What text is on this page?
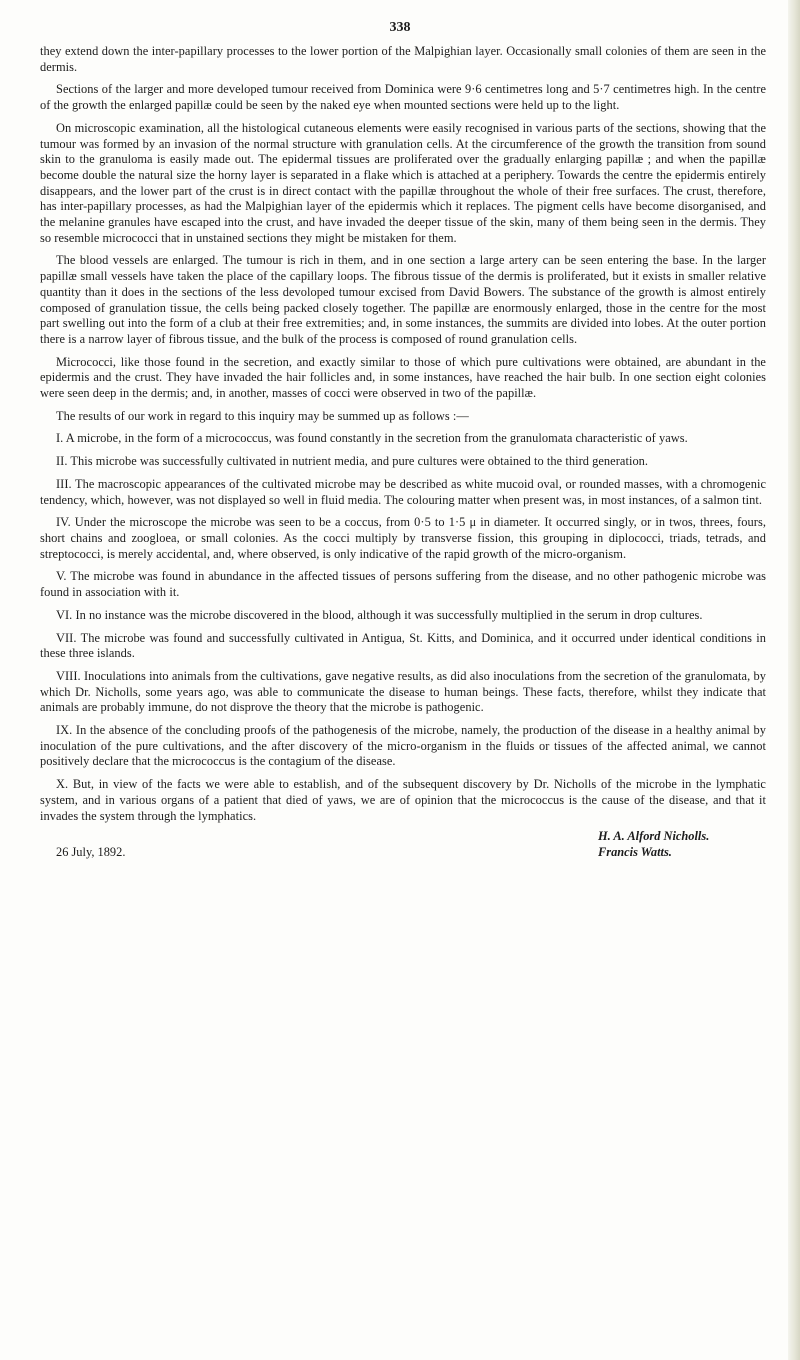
338

they extend down the inter-papillary processes to the lower portion of the Malpighian layer. Occasionally small colonies of them are seen in the dermis.

Sections of the larger and more developed tumour received from Dominica were 9·6 centimetres long and 5·7 centimetres high. In the centre of the growth the enlarged papillæ could be seen by the naked eye when mounted sections were held up to the light.

On microscopic examination, all the histological cutaneous elements were easily recognised in various parts of the sections, showing that the tumour was formed by an invasion of the normal structure with granulation cells. At the circumference of the growth the transition from sound skin to the granuloma is easily made out. The epidermal tissues are proliferated over the gradually enlarging papillæ ; and when the papillæ become double the natural size the horny layer is separated in a flake which is attached at a periphery. Towards the centre the epidermis entirely disappears, and the lower part of the crust is in direct contact with the papillæ throughout the whole of their free surfaces. The crust, therefore, has inter-papillary processes, as had the Malpighian layer of the epidermis which it replaces. The pigment cells have become disorganised, and the melanine granules have escaped into the crust, and have invaded the deeper tissue of the skin, many of them being seen in the dermis. They so resemble micrococci that in unstained sections they might be mistaken for them.

The blood vessels are enlarged. The tumour is rich in them, and in one section a large artery can be seen entering the base. In the larger papillæ small vessels have taken the place of the capillary loops. The fibrous tissue of the dermis is proliferated, but it exists in smaller relative quantity than it does in the sections of the less devoloped tumour excised from David Bowers. The substance of the growth is almost entirely composed of granulation tissue, the cells being packed closely together. The papillæ are enormously enlarged, those in the centre for the most part swelling out into the form of a club at their free extremities; and, in some instances, the summits are divided into lobes. At the outer portion there is a narrow layer of fibrous tissue, and the bulk of the process is composed of round granulation cells.

Micrococci, like those found in the secretion, and exactly similar to those of which pure cultivations were obtained, are abundant in the epidermis and the crust. They have invaded the hair follicles and, in some instances, have reached the hair bulb. In one section eight colonies were seen deep in the dermis; and, in another, masses of cocci were observed in two of the papillæ.

The results of our work in regard to this inquiry may be summed up as follows :—

I. A microbe, in the form of a micrococcus, was found constantly in the secretion from the granulomata characteristic of yaws.

II. This microbe was successfully cultivated in nutrient media, and pure cultures were obtained to the third generation.

III. The macroscopic appearances of the cultivated microbe may be described as white mucoid oval, or rounded masses, with a chromogenic tendency, which, however, was not displayed so well in fluid media. The colouring matter when present was, in most instances, of a salmon tint.

IV. Under the microscope the microbe was seen to be a coccus, from 0·5 to 1·5 μ in diameter. It occurred singly, or in twos, threes, fours, short chains and zoogloea, or small colonies. As the cocci multiply by transverse fission, this grouping in diplococci, triads, tetrads, and streptococci, is merely accidental, and, where observed, is only indicative of the rapid growth of the micro-organism.

V. The microbe was found in abundance in the affected tissues of persons suffering from the disease, and no other pathogenic microbe was found in association with it.

VI. In no instance was the microbe discovered in the blood, although it was successfully multiplied in the serum in drop cultures.

VII. The microbe was found and successfully cultivated in Antigua, St. Kitts, and Dominica, and it occurred under identical conditions in these three islands.

VIII. Inoculations into animals from the cultivations, gave negative results, as did also inoculations from the secretion of the granulomata, by which Dr. Nicholls, some years ago, was able to communicate the disease to human beings. These facts, therefore, whilst they indicate that animals are probably immune, do not disprove the theory that the microbe is pathogenic.

IX. In the absence of the concluding proofs of the pathogenesis of the microbe, namely, the production of the disease in a healthy animal by inoculation of the pure cultivations, and the after discovery of the micro-organism in the fluids or tissues of the affected animal, we cannot positively declare that the micrococcus is the contagium of the disease.

X. But, in view of the facts we were able to establish, and of the subsequent discovery by Dr. Nicholls of the microbe in the lymphatic system, and in various organs of a patient that died of yaws, we are of opinion that the micrococcus is the cause of the disease, and that it invades the system through the lymphatics.

26 July, 1892.
H. A. Alford Nicholls.
Francis Watts.
